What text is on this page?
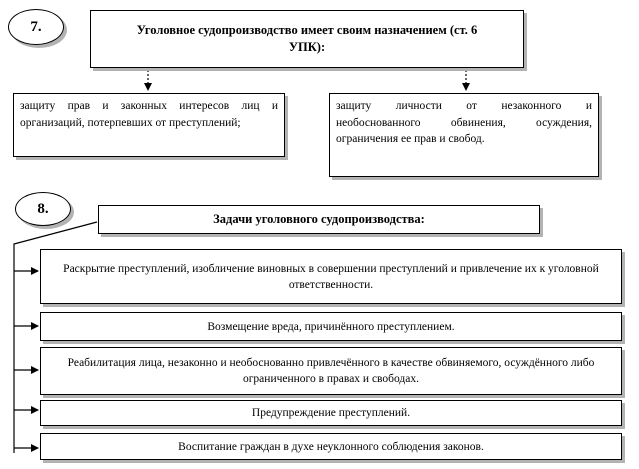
7.	Уголовное судопроизводство имеет своим назначением (ст. 6 УПК):
защиту прав и законных интересов лиц и организаций, потерпевших от преступлений;
защиту личности от незаконного и необоснованного обвинения, осуждения, ограничения ее прав и свобод.
8.
Задачи уголовного судопроизводства:
Раскрытие преступлений, изобличение виновных в совершении преступлений и привлечение их к уголовной ответственности.
Возмещение вреда, причинённого преступлением.
Реабилитация лица, незаконно и необоснованно привлечённого в качестве обвиняемого, осуждённого либо ограниченного в правах и свободах.
Предупреждение преступлений.
Воспитание граждан в духе неуклонного соблюдения законов.
